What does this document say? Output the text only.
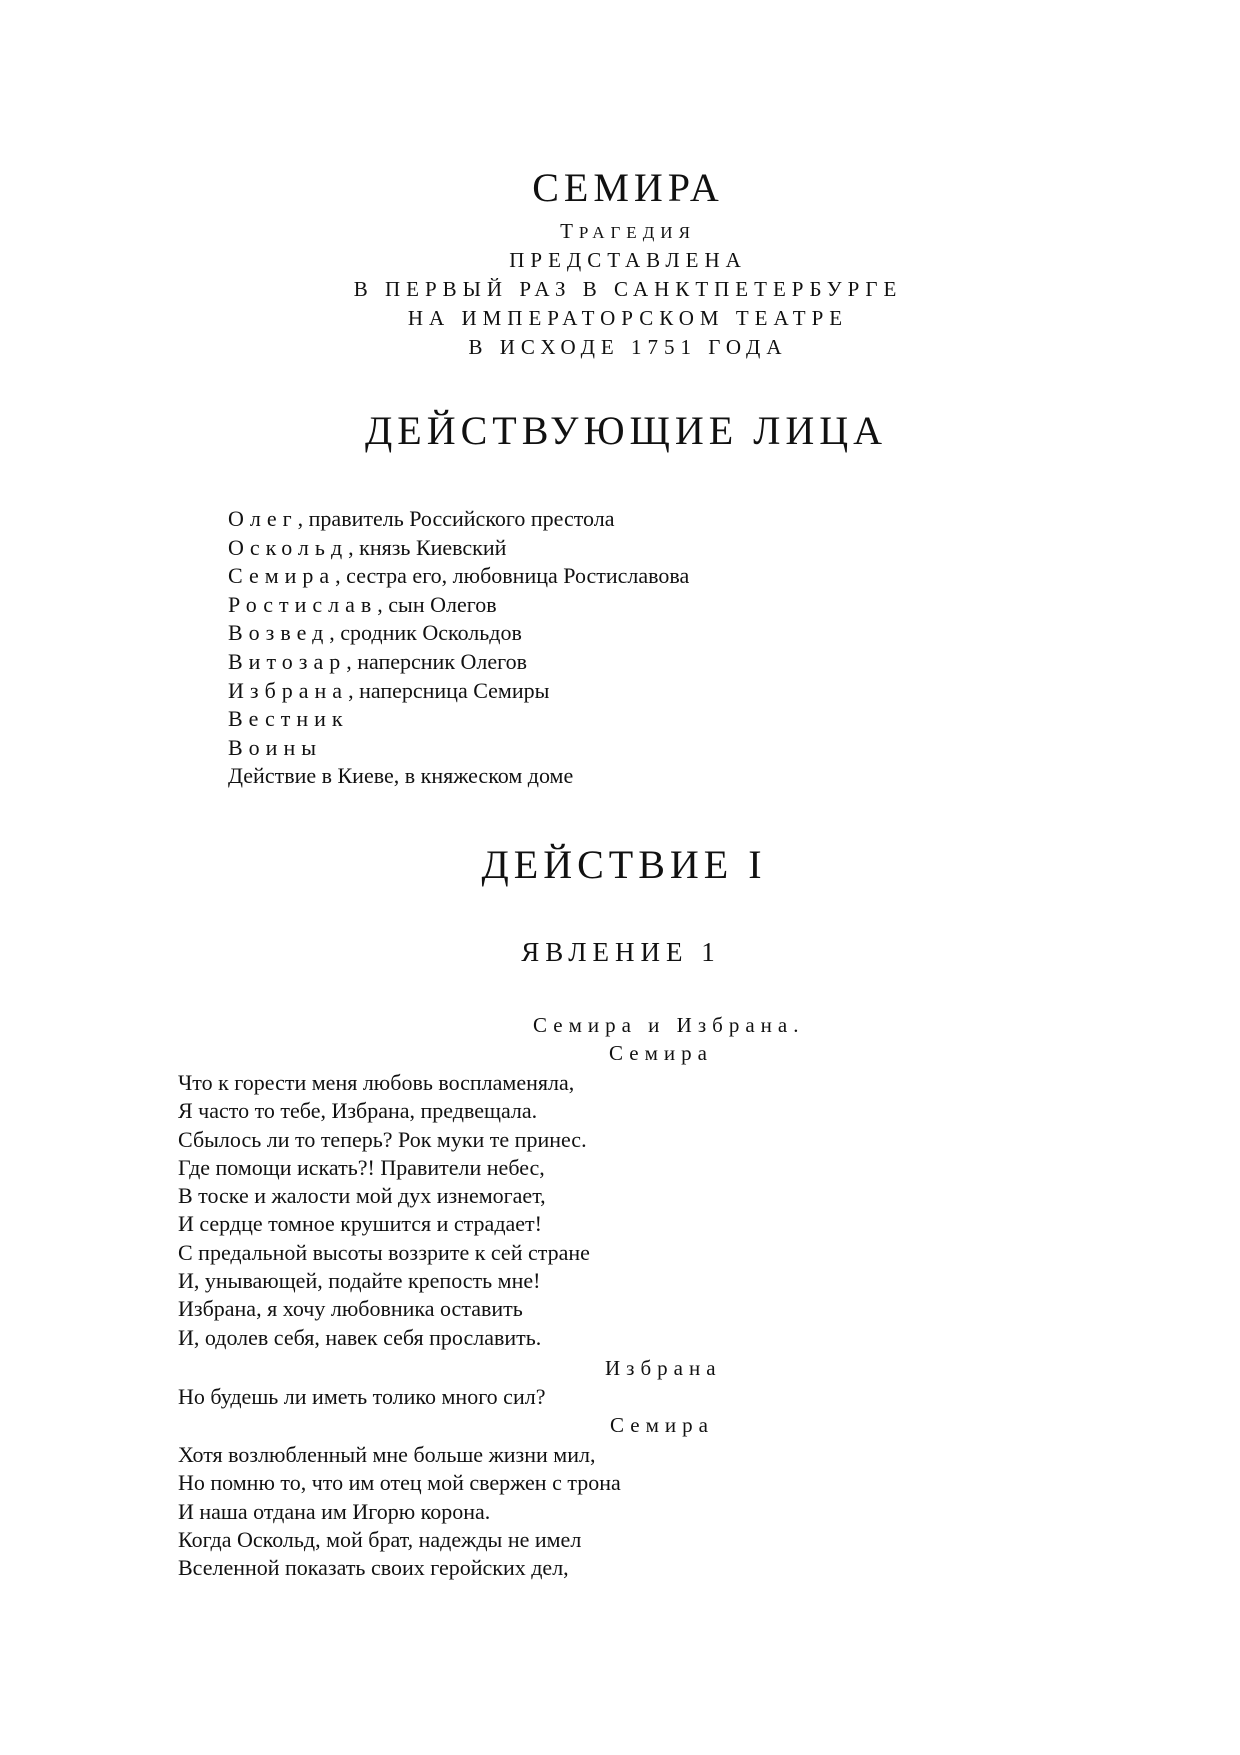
СЕМИРА
ТРАГЕДИЯ
ПРЕДСТАВЛЕНА
В ПЕРВЫЙ РАЗ В САНКТПЕТЕРБУРГЕ
НА ИМПЕРАТОРСКОМ ТЕАТРЕ
В ИСХОДЕ 1751 ГОДА
ДЕЙСТВУЮЩИЕ ЛИЦА
Олег, правитель Российского престола
Оскольд, князь Киевский
Семира, сестра его, любовница Ростиславова
Ростислав, сын Олегов
Возвед, сродник Оскольдов
Витозар, наперсник Олегов
Избрана, наперсница Семиры
Вестник
Воины
Действие в Киеве, в княжеском доме
ДЕЙСТВИЕ I
ЯВЛЕНИЕ 1
Семира и Избрана.
Семира
Что к горести меня любовь воспламеняла,
Я часто то тебе, Избрана, предвещала.
Сбылось ли то теперь? Рок муки те принес.
Где помощи искать?! Правители небес,
В тоске и жалости мой дух изнемогает,
И сердце томное крушится и страдает!
С предальной высоты воззрите к сей стране
И, унывающей, подайте крепость мне!
Избрана, я хочу любовника оставить
И, одолев себя, навек себя прославить.
Избрана
Но будешь ли иметь толико много сил?
Семира
Хотя возлюбленный мне больше жизни мил,
Но помню то, что им отец мой свержен с трона
И наша отдана им Игорю корона.
Когда Оскольд, мой брат, надежды не имел
Вселенной показать своих геройских дел,
